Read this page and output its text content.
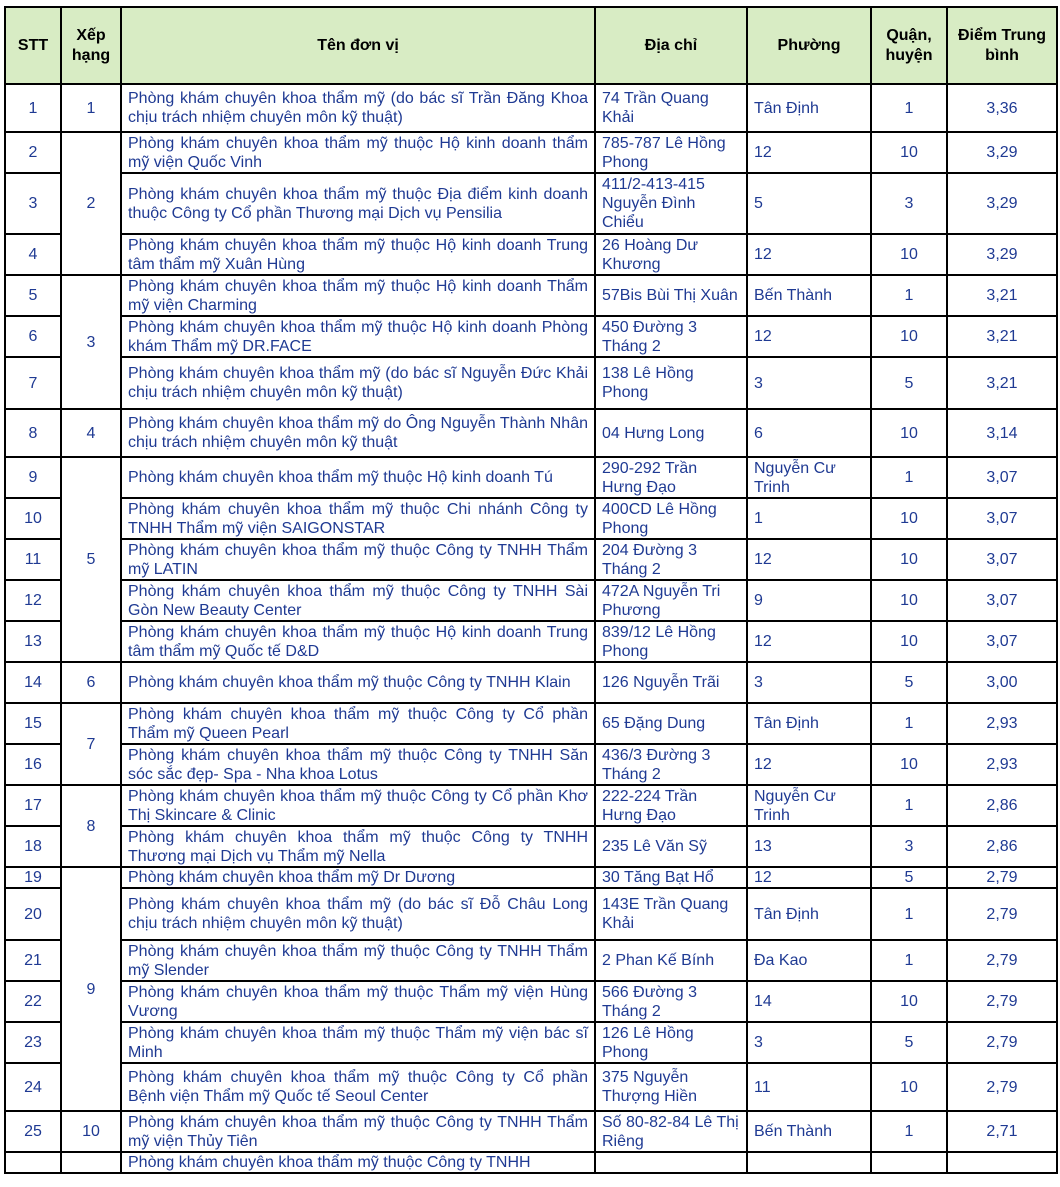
STT	Xếp hạng	Tên đơn vị	Địa chỉ	Phường	Quận, huyện	Điểm Trung bình
1	1	Phòng khám chuyên khoa thẩm mỹ (do bác sĩ Trần Đăng Khoa chịu trách nhiệm chuyên môn kỹ thuật)	74 Trần Quang Khải	Tân Định	1	3,36
2	2	Phòng khám chuyên khoa thẩm mỹ thuộc Hộ kinh doanh thẩm mỹ viện Quốc Vinh	785-787 Lê Hồng Phong	12	10	3,29
3		Phòng khám chuyên khoa thẩm mỹ thuộc Địa điểm kinh doanh thuộc Công ty Cổ phần Thương mại Dịch vụ Pensilia	411/2-413-415 Nguyễn Đình Chiểu	5	3	3,29
4		Phòng khám chuyên khoa thẩm mỹ thuộc Hộ kinh doanh Trung tâm thẩm mỹ Xuân Hùng	26 Hoàng Dư Khương	12	10	3,29
5	3	Phòng khám chuyên khoa thẩm mỹ thuộc Hộ kinh doanh Thẩm mỹ viện Charming	57Bis Bùi Thị Xuân	Bến Thành	1	3,21
6		Phòng khám chuyên khoa thẩm mỹ thuộc Hộ kinh doanh Phòng khám Thẩm mỹ DR.FACE	450 Đường 3 Tháng 2	12	10	3,21
7		Phòng khám chuyên khoa thẩm mỹ (do bác sĩ Nguyễn Đức Khải chịu trách nhiệm chuyên môn kỹ thuật)	138 Lê Hồng Phong	3	5	3,21
8	4	Phòng khám chuyên khoa thẩm mỹ do Ông Nguyễn Thành Nhân chịu trách nhiệm chuyên môn kỹ thuật	04 Hưng Long	6	10	3,14
9	5	Phòng khám chuyên khoa thẩm mỹ thuộc Hộ kinh doanh Tú	290-292 Trần Hưng Đạo	Nguyễn Cư Trinh	1	3,07
10		Phòng khám chuyên khoa thẩm mỹ thuộc Chi nhánh Công ty TNHH Thẩm mỹ viện SAIGONSTAR	400CD Lê Hồng Phong	1	10	3,07
11		Phòng khám chuyên khoa thẩm mỹ thuộc Công ty TNHH Thẩm mỹ LATIN	204 Đường 3 Tháng 2	12	10	3,07
12		Phòng khám chuyên khoa thẩm mỹ thuộc Công ty TNHH Sài Gòn New Beauty Center	472A Nguyễn Tri Phương	9	10	3,07
13		Phòng khám chuyên khoa thẩm mỹ thuộc Hộ kinh doanh Trung tâm thẩm mỹ Quốc tế D&D	839/12 Lê Hồng Phong	12	10	3,07
14	6	Phòng khám chuyên khoa thẩm mỹ thuộc Công ty TNHH Klain	126 Nguyễn Trãi	3	5	3,00
15	7	Phòng khám chuyên khoa thẩm mỹ thuộc Công ty Cổ phần Thẩm mỹ Queen Pearl	65 Đặng Dung	Tân Định	1	2,93
16		Phòng khám chuyên khoa thẩm mỹ thuộc Công ty TNHH Săn sóc sắc đẹp- Spa - Nha khoa Lotus	436/3 Đường 3 Tháng 2	12	10	2,93
17	8	Phòng khám chuyên khoa thẩm mỹ thuộc Công ty Cổ phần Khơ Thị Skincare & Clinic	222-224 Trần Hưng Đạo	Nguyễn Cư Trinh	1	2,86
18		Phòng khám chuyên khoa thẩm mỹ thuộc Công ty TNHH Thương mại Dịch vụ Thẩm mỹ Nella	235 Lê Văn Sỹ	13	3	2,86
19	9	Phòng khám chuyên khoa thẩm mỹ Dr Dương	30 Tăng Bạt Hổ	12	5	2,79
20		Phòng khám chuyên khoa thẩm mỹ (do bác sĩ Đỗ Châu Long chịu trách nhiệm chuyên môn kỹ thuật)	143E Trần Quang Khải	Tân Định	1	2,79
21		Phòng khám chuyên khoa thẩm mỹ thuộc Công ty TNHH Thẩm mỹ Slender	2 Phan Kế Bính	Đa Kao	1	2,79
22		Phòng khám chuyên khoa thẩm mỹ thuộc Thẩm mỹ viện Hùng Vương	566 Đường 3 Tháng 2	14	10	2,79
23		Phòng khám chuyên khoa thẩm mỹ thuộc Thẩm mỹ viện bác sĩ Minh	126 Lê Hồng Phong	3	5	2,79
24		Phòng khám chuyên khoa thẩm mỹ thuộc Công ty Cổ phần Bệnh viện Thẩm mỹ Quốc tế Seoul Center	375 Nguyễn Thượng Hiền	11	10	2,79
25	10	Phòng khám chuyên khoa thẩm mỹ thuộc Công ty TNHH Thẩm mỹ viện Thủy Tiên	Số 80-82-84 Lê Thị Riêng	Bến Thành	1	2,71
		Phòng khám chuyên khoa thẩm mỹ thuộc Công ty TNHH				
